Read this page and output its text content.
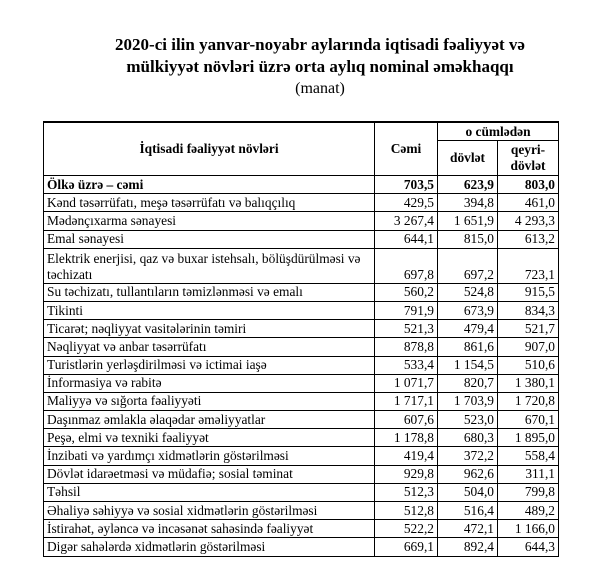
2020-ci ilin yanvar-noyabr aylarında iqtisadi fəaliyyət və
mülkiyyət növləri üzrə orta aylıq nominal əməkhaqqı
(manat)
İqtisadi fəaliyyət növləri	Cəmi	o cümlədən	
		dövlət	qeyri-dövlət
Ölkə üzrə – cəmi	703,5	623,9	803,0
Kənd təsərrüfatı, meşə təsərrüfatı və balıqçılıq	429,5	394,8	461,0
Mədənçıxarma sənayesi	3 267,4	1 651,9	4 293,3
Emal sənayesi	644,1	815,0	613,2
Elektrik enerjisi, qaz və buxar istehsalı, bölüşdürülməsi və təchizatı	697,8	697,2	723,1
Su təchizatı, tullantıların təmizlənməsi və emalı	560,2	524,8	915,5
Tikinti	791,9	673,9	834,3
Ticarət; nəqliyyat vasitələrinin təmiri	521,3	479,4	521,7
Nəqliyyat və anbar təsərrüfatı	878,8	861,6	907,0
Turistlərin yerləşdirilməsi və ictimai iaşə	533,4	1 154,5	510,6
İnformasiya və rabitə	1 071,7	820,7	1 380,1
Maliyyə və sığorta fəaliyyəti	1 717,1	1 703,9	1 720,8
Daşınmaz əmlakla əlaqədar əməliyyatlar	607,6	523,0	670,1
Peşə, elmi və texniki fəaliyyət	1 178,8	680,3	1 895,0
İnzibati və yardımçı xidmətlərin göstərilməsi	419,4	372,2	558,4
Dövlət idarəetməsi və müdafiə; sosial təminat	929,8	962,6	311,1
Təhsil	512,3	504,0	799,8
Əhaliyə səhiyyə və sosial xidmətlərin göstərilməsi	512,8	516,4	489,2
İstirahət, əyləncə və incəsənət sahəsində fəaliyyət	522,2	472,1	1 166,0
Digər sahələrdə xidmətlərin göstərilməsi	669,1	892,4	644,3
